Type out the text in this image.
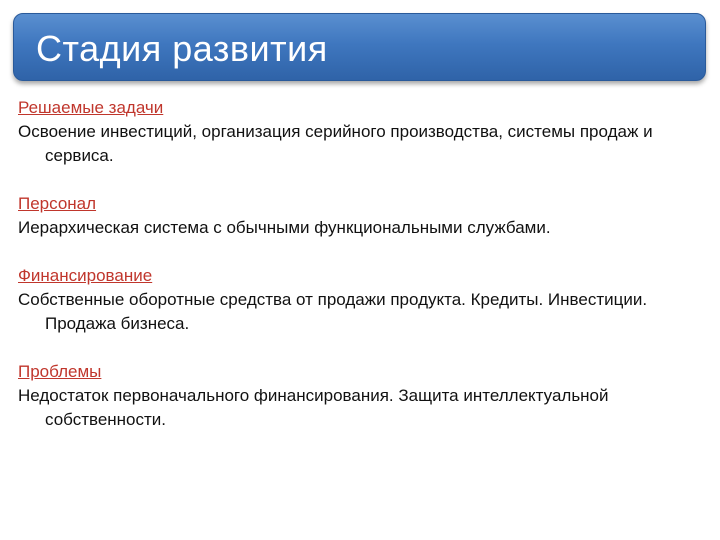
Стадия развития
Решаемые задачи
Освоение инвестиций, организация серийного производства, системы продаж и сервиса.
Персонал
Иерархическая система с обычными функциональными службами.
Финансирование
Собственные оборотные средства от продажи продукта. Кредиты. Инвестиции. Продажа бизнеса.
Проблемы
Недостаток первоначального финансирования. Защита интеллектуальной собственности.
